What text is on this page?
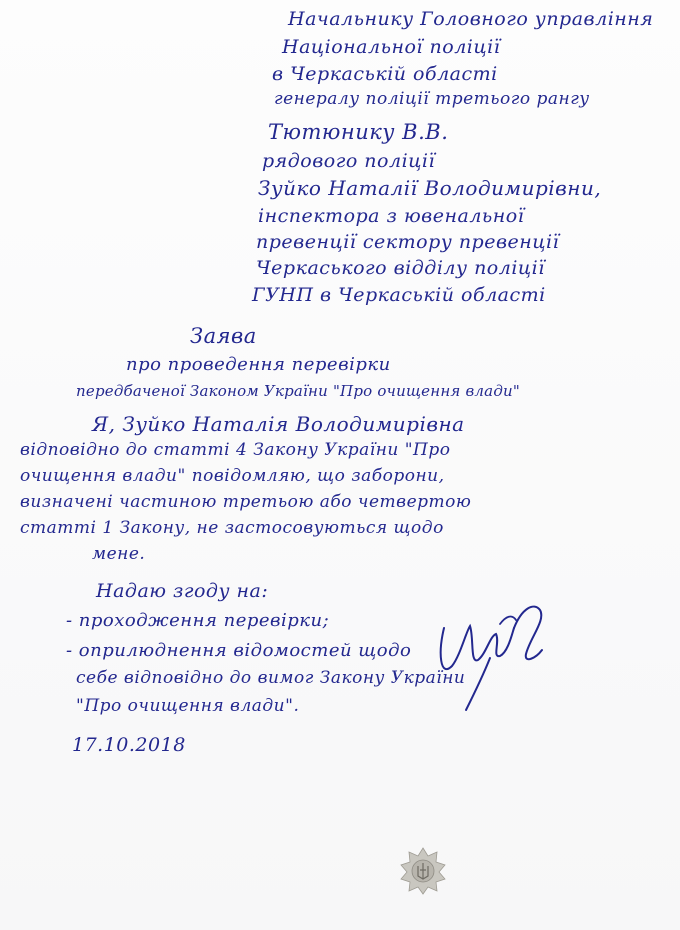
Начальнику Головного управління
Національної поліції
в Черкаській області
генералу поліції третього рангу
Тютюнику В.В.
рядового поліції
Зуйко Наталії Володимирівни,
інспектора з ювенальної
превенції сектору превенції
Черкаського відділу поліції
ГУНП в Черкаській області
Заява
про проведення перевірки
передбаченої Законом України "Про очищення влади"
Я, Зуйко Наталія Володимирівна
відповідно до статті 4 Закону України "Про
очищення влади" повідомляю, що заборони,
визначені частиною третьою або четвертою
статті 1 Закону, не застосовуються щодо
мене.
Надаю згоду на:
- проходження перевірки;
- оприлюднення відомостей щодо
себе відповідно до вимог Закону України
"Про очищення влади".
17.10.2018
